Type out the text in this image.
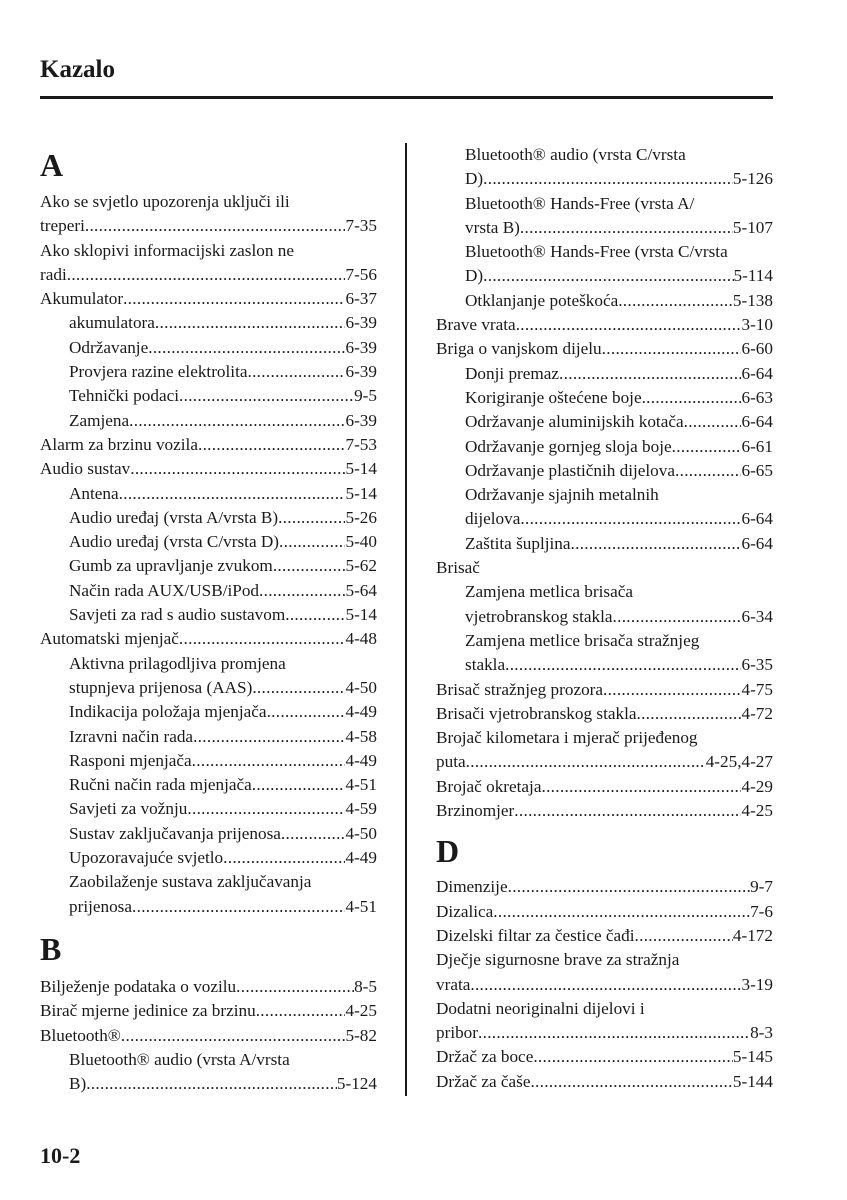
Kazalo
A
Ako se svjetlo upozorenja uključi ili
treperi .....	7-35
Ako sklopivi informacijski zaslon ne
radi .....	7-56
Akumulator .....	6-37
akumulatora .....	6-39
Održavanje .....	6-39
Provjera razine elektrolita .....	6-39
Tehnički podaci .....	9-5
Zamjena .....	6-39
Alarm za brzinu vozila .....	7-53
Audio sustav .....	5-14
Antena .....	5-14
Audio uređaj (vrsta A/vrsta B) .....	5-26
Audio uređaj (vrsta C/vrsta D) .....	5-40
Gumb za upravljanje zvukom .....	5-62
Način rada AUX/USB/iPod .....	5-64
Savjeti za rad s audio sustavom .....	5-14
Automatski mjenjač .....	4-48
Aktivna prilagodljiva promjena
stupnjeva prijenosa (AAS) .....	4-50
Indikacija položaja mjenjača .....	4-49
Izravni način rada .....	4-58
Rasponi mjenjača .....	4-49
Ručni način rada mjenjača .....	4-51
Savjeti za vožnju .....	4-59
Sustav zaključavanja prijenosa .....	4-50
Upozoravajuće svjetlo .....	4-49
Zaobilaženje sustava zaključavanja
prijenosa .....	4-51
B
Bilježenje podataka o vozilu .....	8-5
Birač mjerne jedinice za brzinu .....	4-25
Bluetooth® .....	5-82
Bluetooth® audio (vrsta A/vrsta
B) .....	5-124
Bluetooth® audio (vrsta C/vrsta
D) .....	5-126
Bluetooth® Hands-Free (vrsta A/
vrsta B) .....	5-107
Bluetooth® Hands-Free (vrsta C/vrsta
D) .....	5-114
Otklanjanje poteškoća .....	5-138
Brave vrata .....	3-10
Briga o vanjskom dijelu .....	6-60
Donji premaz .....	6-64
Korigiranje oštećene boje .....	6-63
Održavanje aluminijskih kotača .....	6-64
Održavanje gornjeg sloja boje .....	6-61
Održavanje plastičnih dijelova .....	6-65
Održavanje sjajnih metalnih
dijelova .....	6-64
Zaštita šupljina .....	6-64
Brisač
Zamjena metlica brisača
vjetrobranskog stakla .....	6-34
Zamjena metlice brisača stražnjeg
stakla .....	6-35
Brisač stražnjeg prozora .....	4-75
Brisači vjetrobranskog stakla .....	4-72
Brojač kilometara i mjerač prijeđenog
puta .....	4-25,4-27
Brojač okretaja .....	4-29
Brzinomjer .....	4-25
D
Dimenzije .....	9-7
Dizalica .....	7-6
Dizelski filtar za čestice čađi .....	4-172
Dječje sigurnosne brave za stražnja
vrata .....	3-19
Dodatni neoriginalni dijelovi i
pribor .....	8-3
Držač za boce .....	5-145
Držač za čaše .....	5-144
10-2
